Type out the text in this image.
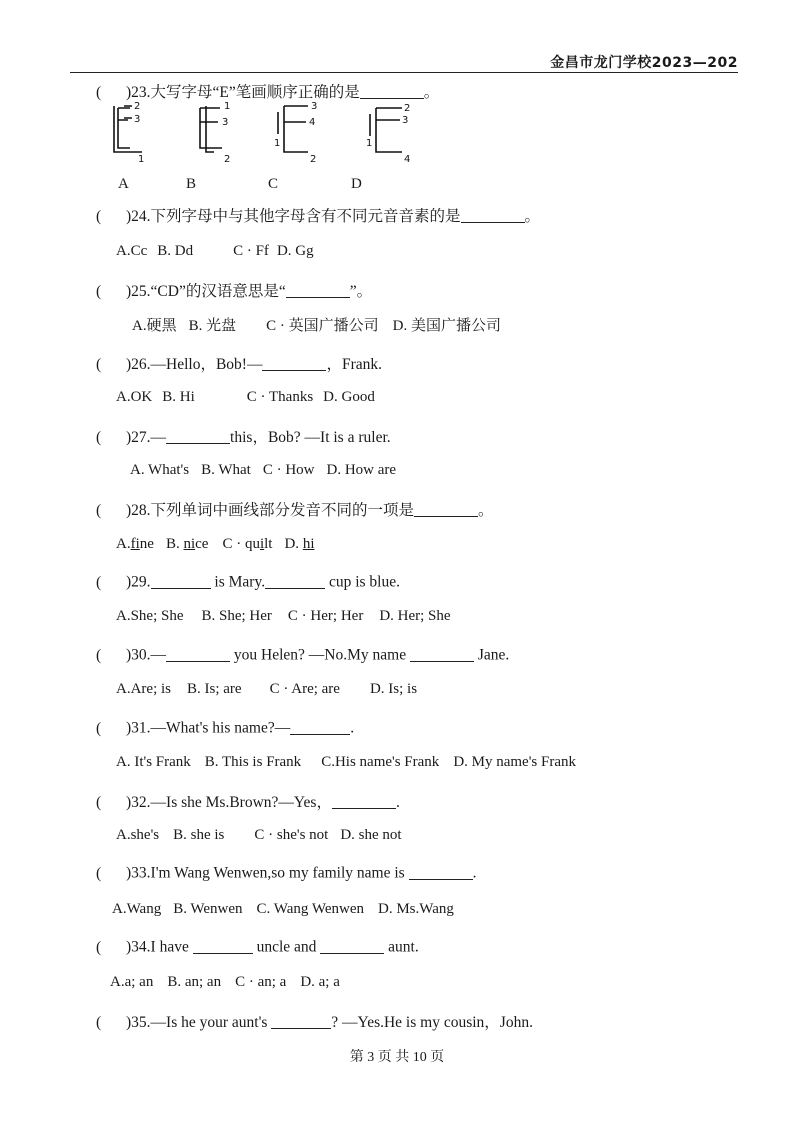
金昌市龙门学校2023—202
( )23.大写字母“E”笔画顺序正确的是	。
2
3
1
1
3
2
3
4
1
2
2
3
1
4
A	B	C	D
( )24.下列字母中与其他字母含有不同元音音素的是	。
A.Cc B. Dd	C · Ff D. Gg
( )25.“CD”的汉语意思是“	”。
A.硬黑 B. 光盘 C · 英国广播公司 D. 美国广播公司
( )26.—Hello，Bob!—	，Frank.
A.OK B. Hi	C · Thanks D. Good
( )27.—	this，Bob? —It is a ruler.
A. What's B. What C · How D. How are
( )28.下列单词中画线部分发音不同的一项是	。
A.fine B. nice C · quilt D. hi
( )29.	is Mary.	cup is blue.
A.She; She B. She; Her C · Her; Her D. Her; She
( )30.—	you Helen? —No.My name	Jane.
A.Are; is B. Is; are C · Are; are D. Is; is
( )31.—What's his name?—	.
A. It's Frank B. This is Frank C.His name's Frank D. My name's Frank
( )32.—Is she Ms.Brown?—Yes，	.
A.she's B. she is C · she's not D. she not
( )33.I'm Wang Wenwen,so my family name is	.
A.Wang B. Wenwen C. Wang Wenwen D. Ms.Wang
( )34.I have	uncle and	aunt.
A.a; an B. an; an C · an; a D. a; a
( )35.—Is he your aunt's	? —Yes.He is my cousin，John.
第 3 页 共 10 页
